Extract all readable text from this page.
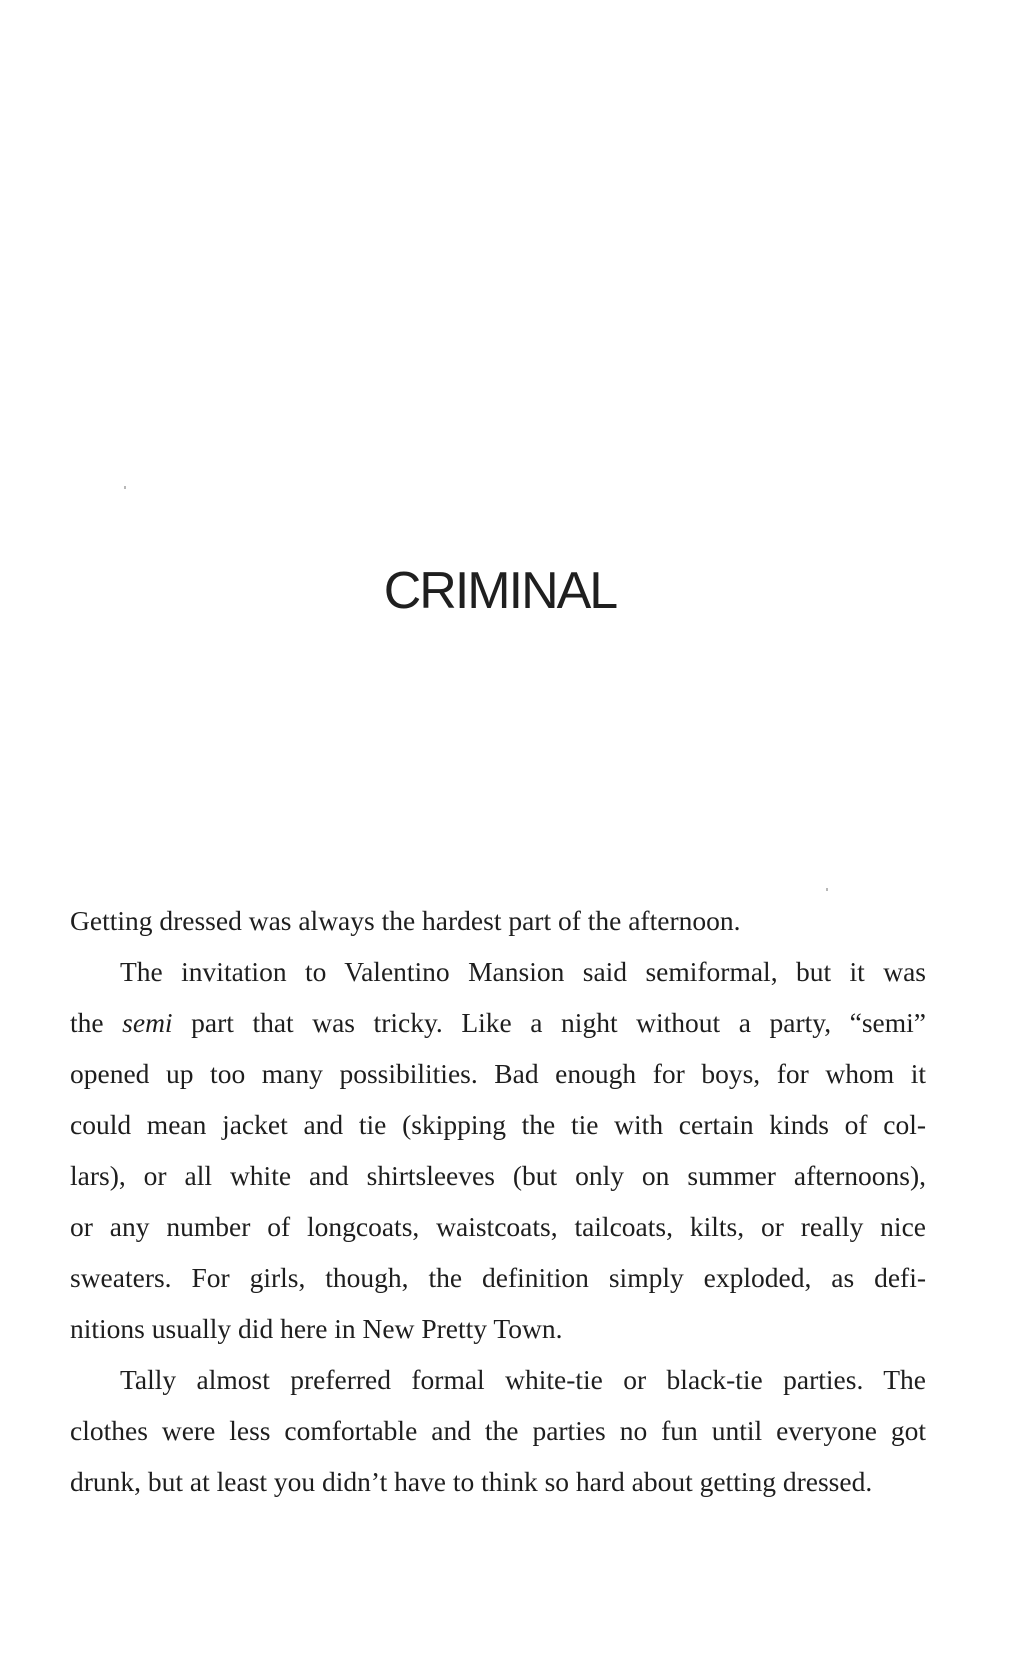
CRIMINAL
Getting dressed was always the hardest part of the afternoon.
The invitation to Valentino Mansion said semiformal, but it was
the semi part that was tricky. Like a night without a party, “semi”
opened up too many possibilities. Bad enough for boys, for whom it
could mean jacket and tie (skipping the tie with certain kinds of col-
lars), or all white and shirtsleeves (but only on summer afternoons),
or any number of longcoats, waistcoats, tailcoats, kilts, or really nice
sweaters. For girls, though, the definition simply exploded, as defi-
nitions usually did here in New Pretty Town.
Tally almost preferred formal white-tie or black-tie parties. The
clothes were less comfortable and the parties no fun until everyone got
drunk, but at least you didn’t have to think so hard about getting dressed.
